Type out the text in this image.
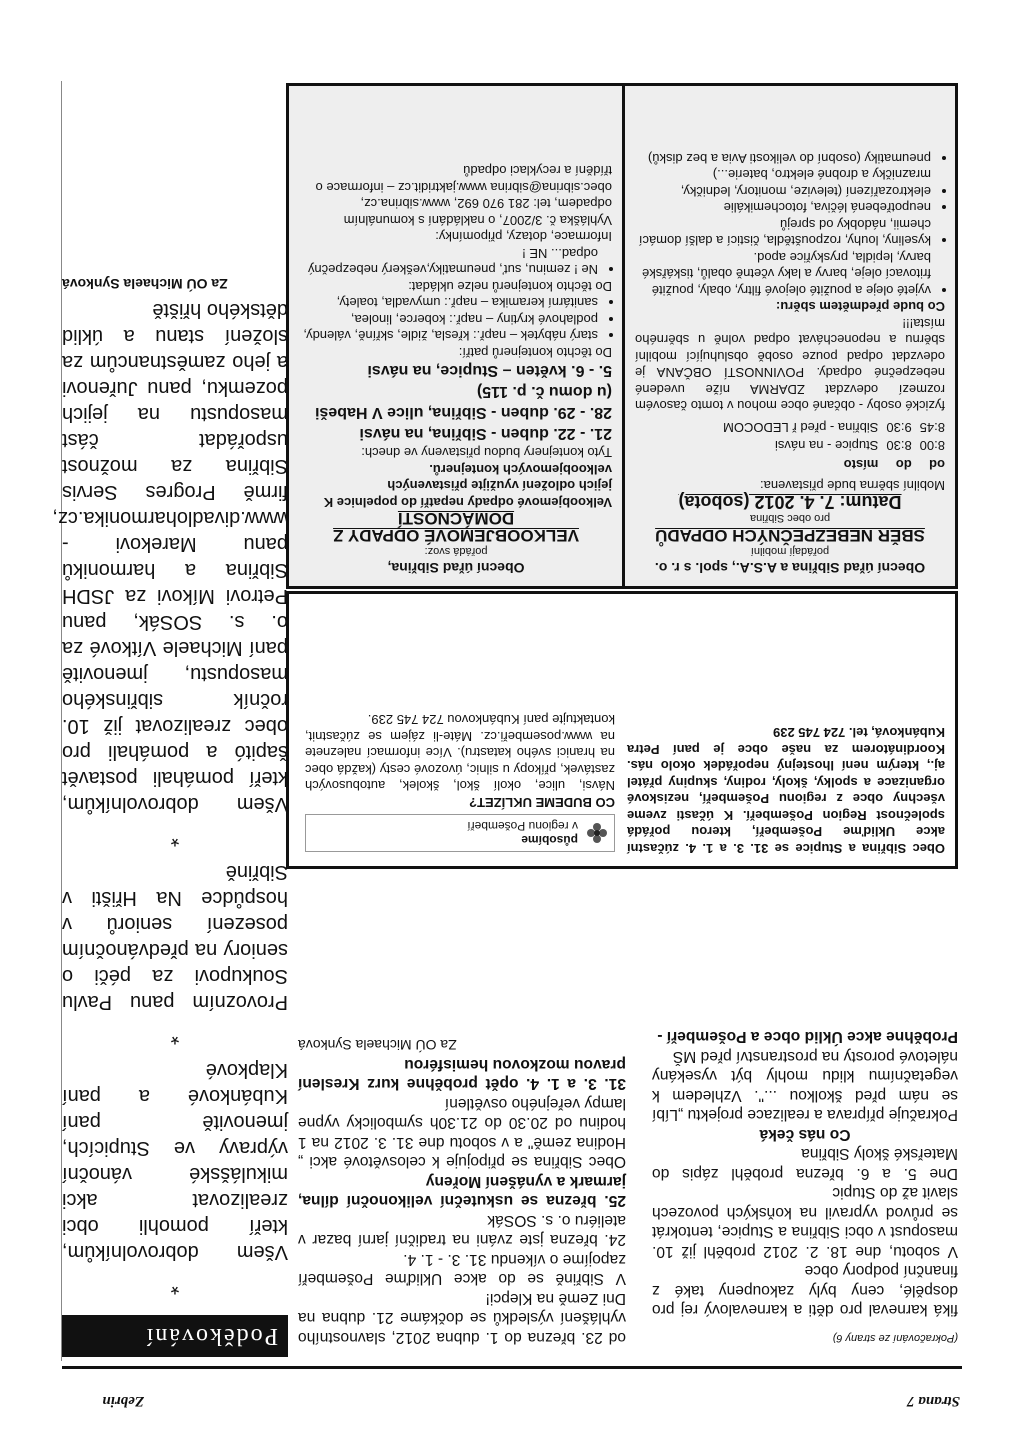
Strana 7
Zebrin

(Pokračování ze strany 6)

fiká karneval pro děti a karnevalový rej pro dospělé, ceny byly zakoupeny také z finanční podpory obce

V sobotu, dne 18. 2. 2012 proběhl již 10. masopust v obci Sibřina a Stupice, tentokrát se průvod vypravil na koňských povozech slavit až do Stupic

Dne 5. a 6. března proběhl zápis do Mateřské školy Sibřina

Co nás čeká

Pokračuje příprava a realizace projektu „Líbí se nám před školkou ...". Vzhledem k vegetačnímu klidu mohly být vysekány náletové porosty na prostranství před MŠ

Proběhne akce Úklid obce a Pošembeří -

od 23. března do 1. dubna 2012, slavnostního vyhlášení výsledků se dočkáme 21. dubna na Dni Země na Klepci!

V Sibřině se do akce Ukliďme Pošembeří zapojíme o víkendu 31. 3. - 1. 4.

24. března jste zváni na tradiční jarní bazar v ateliéru o. s. SOSák

25. března se uskuteční velikonoční dílna, jarmark a vynášení Mořeny

Obec Sibřina se připojuje k celosvětové akci „ Hodina země" a v sobotu dne 31. 3. 2012 na 1 hodinu od 20.30 do 21.30h symbolicky vypne lampy veřejného osvětlení

31. 3. a 1. 4. opět proběhne kurz Kreslení pravou mozkovou hemisférou

Za OÚ Michaela Synková

Poděkování

*

Všem dobrovolníkům, kteří pomohli obci zrealizovat akci mikulášské vánoční výpravy ve Stupicích, jmenovitě paní Kubánkové a paní Klapkové

*

Provozním panu Pavlu Soukupovi za péči o seniory na předvánočním posezení seniorů v hospůdce Na Hřišti v Sibřině

*

Všem dobrovolníkům, kteří pomáhali postavět šapitó a pomáhali pro obec zrealizovat již 10. ročník sibřinského masopustu, jmenovitě paní Michaele Vítkové za o. s. SOSák, panu Petrovi Míkovi za JSDH Sibřina a harmoniků panu Marekovi - www.divadloharmonika.cz, firmě Progres Servis Sibřina za možnost uspořádat část masopustu na jejich pozemku, panu Juřenovi a jeho zaměstnancům za složení stanu a úklid dětského hřiště

Za OÚ Michaela Synková

Obec Sibřina a Stupice se 31. 3. a 1. 4. zúčastní akce Ukliďme Pošembeří, kterou pořádá společnost Region Pošembeří. K účasti zveme všechny obce z regionu Pošembeří, neziskové organizace a spolky, školy, rodiny, skupiny přátel aj., kterým není lhostejný nepořádek okolo nás. Koordinátorem za naše obce je paní Petra Kubánková, tel. 724 745 239

působíme
v regionu Pošembeří

CO BUDEME UKLÍZET?

Návsi, ulice, okolí škol, školek, autobusových zastávek, příkopy u silnic, úvozové cesty (každá obec na hranici svého katastru). Více informací naleznete na www.posembeři.cz. Máte-li zájem se zúčastnit, kontaktujte paní Kubánkovou 724 745 239.

Obecní úřad Sibřina a A.S.A., spol. s r. o.

pořádají mobilní

SBĚR NEBEZPEČNÝCH ODPADŮ

pro obec Sibřina

Datum: 7. 4. 2012 (sobota)

Mobilní sběrna bude přistavena:

od	do	místo
8:00	8:30	Stupice - na návsi
8:45	9:30	Sibřina - před ř LEDOCOM

fyzické osoby - občané obce mohou v tomto časovém rozmezí odevzdat ZDARMA níže uvedené nebezpečné odpady. POVINNOSTÍ OBČANA je odevzdat odpad pouze osobě obsluhující mobilní sběrnu a neponechávat odpad volně u sběrného místa!!!

Co bude předmětem sběru:

• vyjeté oleje a použité olejové filtry, obaly, použité fritovací oleje, barvy a laky včetně obalů, tiskářské barvy, lepidla, pryskyřice apod.
• kyseliny, louhy, rozpouštědla, čisticí a další domácí chemii, nádobky od sprejů
• neupotřebená léčiva, fotochemikálie
• elektrozařízení (televize, monitory, ledničky, mrazničky a drobné elektro, baterie...)
• pneumatiky (osobní do velikosti Avia a bez disků)

Obecní úřad Sibřina,

pořádá svoz:

VELKOOBJEMOVÉ ODPADY Z DOMÁCNOSTÍ

Velkoobjemové odpady nepatří do popelnice K jejich odložení využijte přistavených velkoobjemových kontejnerů.

Tyto kontejnery budou přistaveny ve dnech:

21. - 22. duben - Sibřina, na návsi

28. - 29. duben - Sibřina, ulice V Habeši (u domu č. p. 115)

5. - 6. květen – Stupice, na návsi

Do těchto kontejnerů patří:

• starý nábytek – např.: křesla, židle, skříně, válendy,
• podlahové krytiny – např.: koberce, linolea,
• sanitární keramika – např.: umyvadla, toalety,

Do těchto kontejnerů nelze ukládat:

• Ne ! zeminu, suť, pneumatiky,veškerý nebezpečný odpad... NE !

Informace, dotazy, připomínky:

Vyhláška č. 3/2007, o nakládání s komunálním odpadem, tel: 281 970 692, www.sibrina.cz, obec.sibrina@sibrina www.jaktridit.cz – informace o třídění a recyklaci odpadů
